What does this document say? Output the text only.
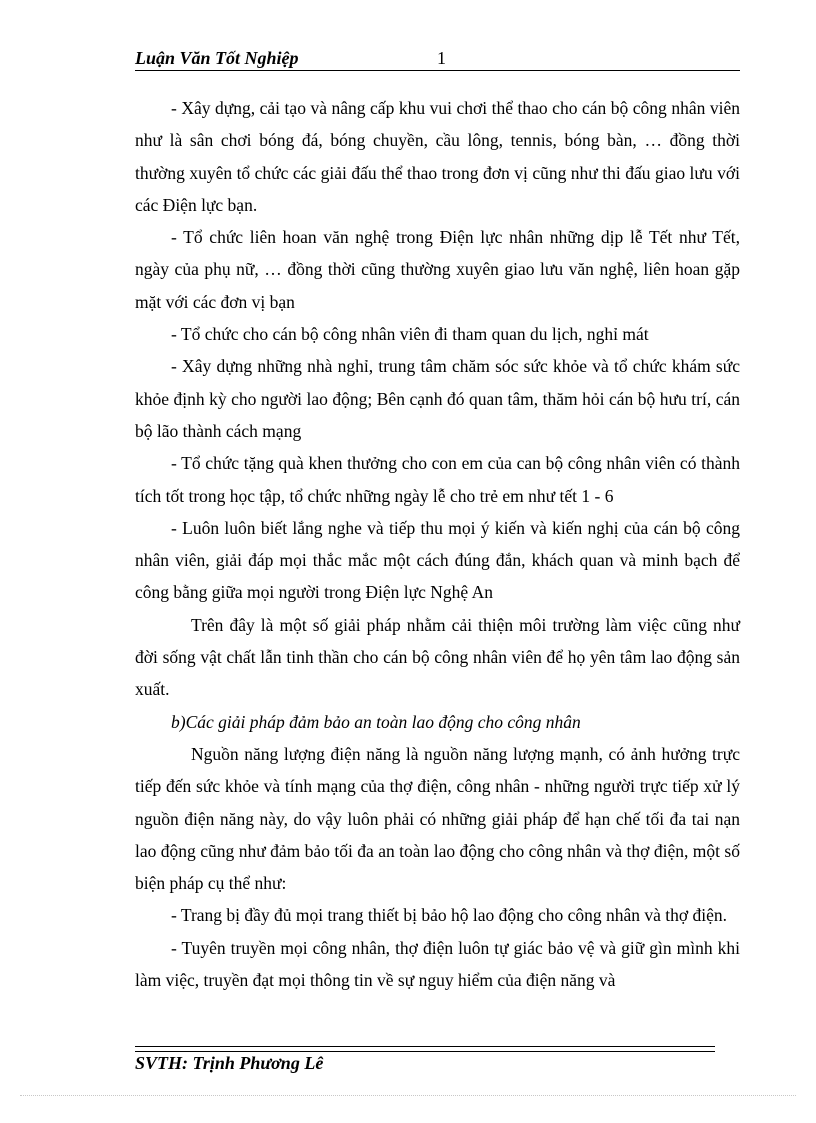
Luận Văn Tốt Nghiệp	1

- Xây dựng, cải tạo và nâng cấp khu vui chơi thể thao cho cán bộ công nhân viên như là sân chơi bóng đá, bóng chuyền, cầu lông, tennis, bóng bàn, … đồng thời thường xuyên tổ chức các giải đấu thể thao trong đơn vị cũng như thi đấu giao lưu với các Điện lực bạn.

- Tổ chức liên hoan văn nghệ trong Điện lực nhân những dịp lễ Tết như Tết, ngày của phụ nữ, … đồng thời cũng thường xuyên giao lưu văn nghệ, liên hoan gặp mặt với các đơn vị bạn

- Tổ chức cho cán bộ công nhân viên đi tham quan du lịch, nghỉ mát

- Xây dựng những nhà nghỉ, trung tâm chăm sóc sức khỏe và tổ chức khám sức khỏe định kỳ cho người lao động; Bên cạnh đó quan tâm, thăm hỏi cán bộ hưu trí, cán bộ lão thành cách mạng

- Tổ chức tặng quà khen thưởng cho con em của can bộ công nhân viên có thành tích tốt trong học tập, tổ chức những ngày lễ cho trẻ em như tết 1 - 6

- Luôn luôn biết lắng nghe và tiếp thu mọi ý kiến và kiến nghị của cán bộ công nhân viên, giải đáp mọi thắc mắc một cách đúng đắn, khách quan và minh bạch để công bằng giữa mọi người trong Điện lực Nghệ An

Trên đây là một số giải pháp nhằm cải thiện môi trường làm việc cũng như đời sống vật chất lẫn tinh thần cho cán bộ công nhân viên để họ yên tâm lao động sản xuất.

b)Các giải pháp đảm bảo an toàn lao động cho công nhân

Nguồn năng lượng điện năng là nguồn năng lượng mạnh, có ảnh hưởng trực tiếp đến sức khỏe và tính mạng của thợ điện, công nhân - những người trực tiếp xử lý nguồn điện năng này, do vậy luôn phải có những giải pháp để hạn chế tối đa tai nạn lao động cũng như đảm bảo tối đa an toàn lao động cho công nhân và thợ điện, một số biện pháp cụ thể như:

- Trang bị đầy đủ mọi trang thiết bị bảo hộ lao động cho công nhân và thợ điện.

- Tuyên truyền mọi công nhân, thợ điện luôn tự giác bảo vệ và giữ gìn mình khi làm việc, truyền đạt mọi thông tin về sự nguy hiểm của điện năng và

SVTH: Trịnh Phương Lê
